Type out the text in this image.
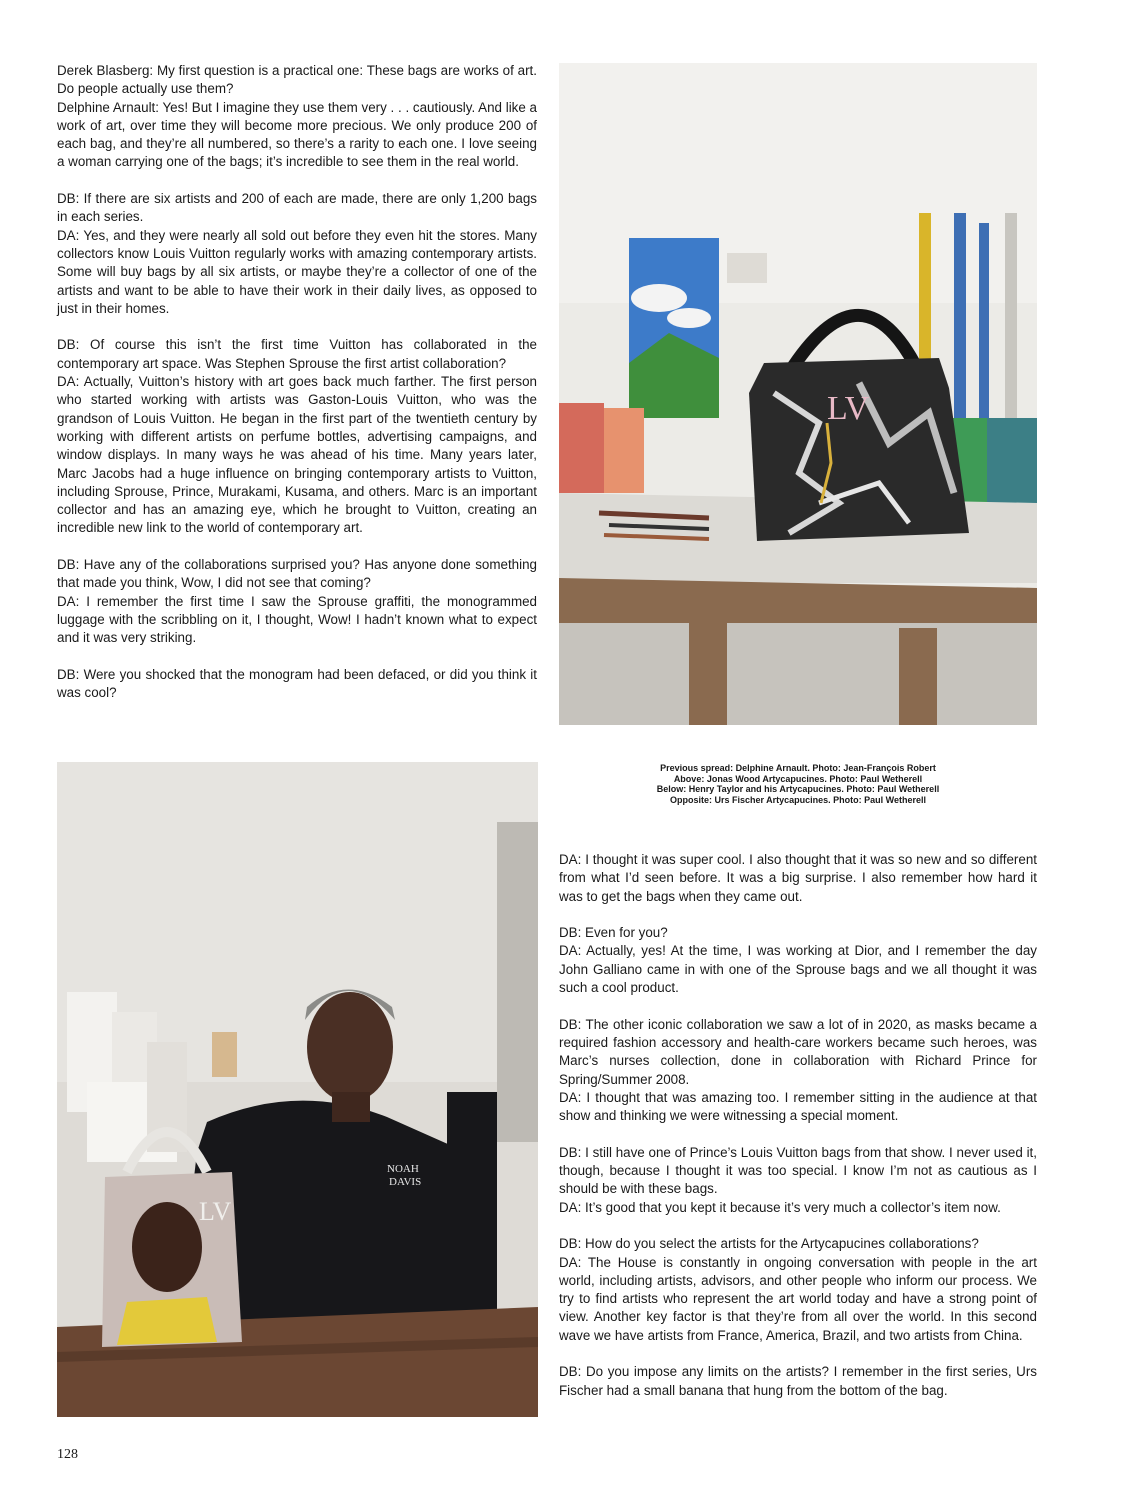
Derek Blasberg: My first question is a practical one: These bags are works of art. Do people actually use them?

Delphine Arnault: Yes! But I imagine they use them very . . . cautiously. And like a work of art, over time they will become more precious. We only produce 200 of each bag, and they’re all numbered, so there’s a rarity to each one. I love seeing a woman carrying one of the bags; it’s incredible to see them in the real world.

DB: If there are six artists and 200 of each are made, there are only 1,200 bags in each series.

DA: Yes, and they were nearly all sold out before they even hit the stores. Many collectors know Louis Vuitton regularly works with amazing contemporary artists. Some will buy bags by all six artists, or maybe they’re a collector of one of the artists and want to be able to have their work in their daily lives, as opposed to just in their homes.

DB: Of course this isn’t the first time Vuitton has collaborated in the contemporary art space. Was Stephen Sprouse the first artist collaboration?

DA: Actually, Vuitton’s history with art goes back much farther. The first person who started working with artists was Gaston-Louis Vuitton, who was the grandson of Louis Vuitton. He began in the first part of the twentieth century by working with different artists on perfume bottles, advertising campaigns, and window displays. In many ways he was ahead of his time. Many years later, Marc Jacobs had a huge influence on bringing contemporary artists to Vuitton, including Sprouse, Prince, Murakami, Kusama, and others. Marc is an important collector and has an amazing eye, which he brought to Vuitton, creating an incredible new link to the world of contemporary art.

DB: Have any of the collaborations surprised you? Has anyone done something that made you think, Wow, I did not see that coming?

DA: I remember the first time I saw the Sprouse graffiti, the monogrammed luggage with the scribbling on it, I thought, Wow! I hadn’t known what to expect and it was very striking.

DB: Were you shocked that the monogram had been defaced, or did you think it was cool?

LV
Previous spread: Delphine Arnault. Photo: Jean-François Robert
Above: Jonas Wood Artycapucines. Photo: Paul Wetherell
Below: Henry Taylor and his Artycapucines. Photo: Paul Wetherell
Opposite: Urs Fischer Artycapucines. Photo: Paul Wetherell
NOAH
DAVIS
LV

DA: I thought it was super cool. I also thought that it was so new and so different from what I’d seen before. It was a big surprise. I also remember how hard it was to get the bags when they came out.

DB: Even for you?

DA: Actually, yes! At the time, I was working at Dior, and I remember the day John Galliano came in with one of the Sprouse bags and we all thought it was such a cool product.

DB: The other iconic collaboration we saw a lot of in 2020, as masks became a required fashion accessory and health-care workers became such heroes, was Marc’s nurses collection, done in collaboration with Richard Prince for Spring/Summer 2008.

DA: I thought that was amazing too. I remember sitting in the audience at that show and thinking we were witnessing a special moment.

DB: I still have one of Prince’s Louis Vuitton bags from that show. I never used it, though, because I thought it was too special. I know I’m not as cautious as I should be with these bags.

DA: It’s good that you kept it because it’s very much a collector’s item now.

DB: How do you select the artists for the Artycapucines collaborations?

DA: The House is constantly in ongoing conversation with people in the art world, including artists, advisors, and other people who inform our process. We try to find artists who represent the art world today and have a strong point of view. Another key factor is that they’re from all over the world. In this second wave we have artists from France, America, Brazil, and two artists from China.

DB: Do you impose any limits on the artists? I remember in the first series, Urs Fischer had a small banana that hung from the bottom of the bag.

128
